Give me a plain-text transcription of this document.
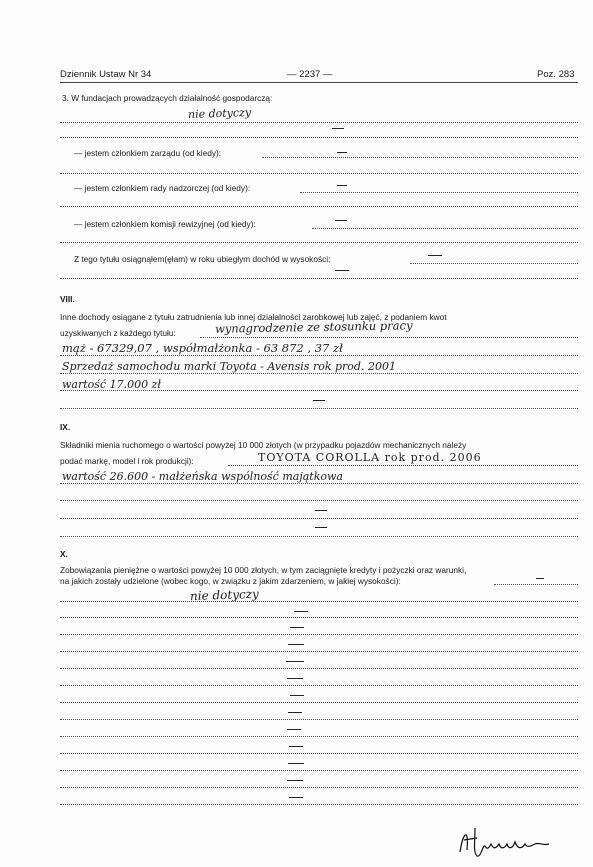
Dziennik Ustaw Nr 34	— 2237 —	Poz. 283
3. W fundacjach prowadzących działalność gospodarczą:
nie dotyczy
— jestem członkiem zarządu (od kiedy):
— jestem członkiem rady nadzorczej (od kiedy):
— jestem członkiem komisji rewizyjnej (od kiedy):
Z tego tytułu osiągnąłem(ęłam) w roku ubiegłym dochód w wysokości:
VIII.
Inne dochody osiągane z tytułu zatrudnienia lub innej działalności zarobkowej lub zajęć, z podaniem kwot
uzyskiwanych z każdego tytułu:	wynagrodzenie ze stosunku pracy
mąż - 67329,07 , współmałżonka - 63 872 , 37 zł
Sprzedaż samochodu marki Toyota - Avensis rok prod. 2001
wartość 17.000 zł
IX.
Składniki mienia ruchomego o wartości powyżej 10 000 złotych (w przypadku pojazdów mechanicznych należy
podać markę, model i rok produkcji):	TOYOTA COROLLA rok prod. 2006
wartość 26.600 - małżeńska wspólność majątkowa
X.
Zobowiązania pieniężne o wartości powyżej 10 000 złotych, w tym zaciągnięte kredyty i pożyczki oraz warunki,
na jakich zostały udzielone (wobec kogo, w związku z jakim zdarzeniem, w jakiej wysokości):
nie dotyczy
